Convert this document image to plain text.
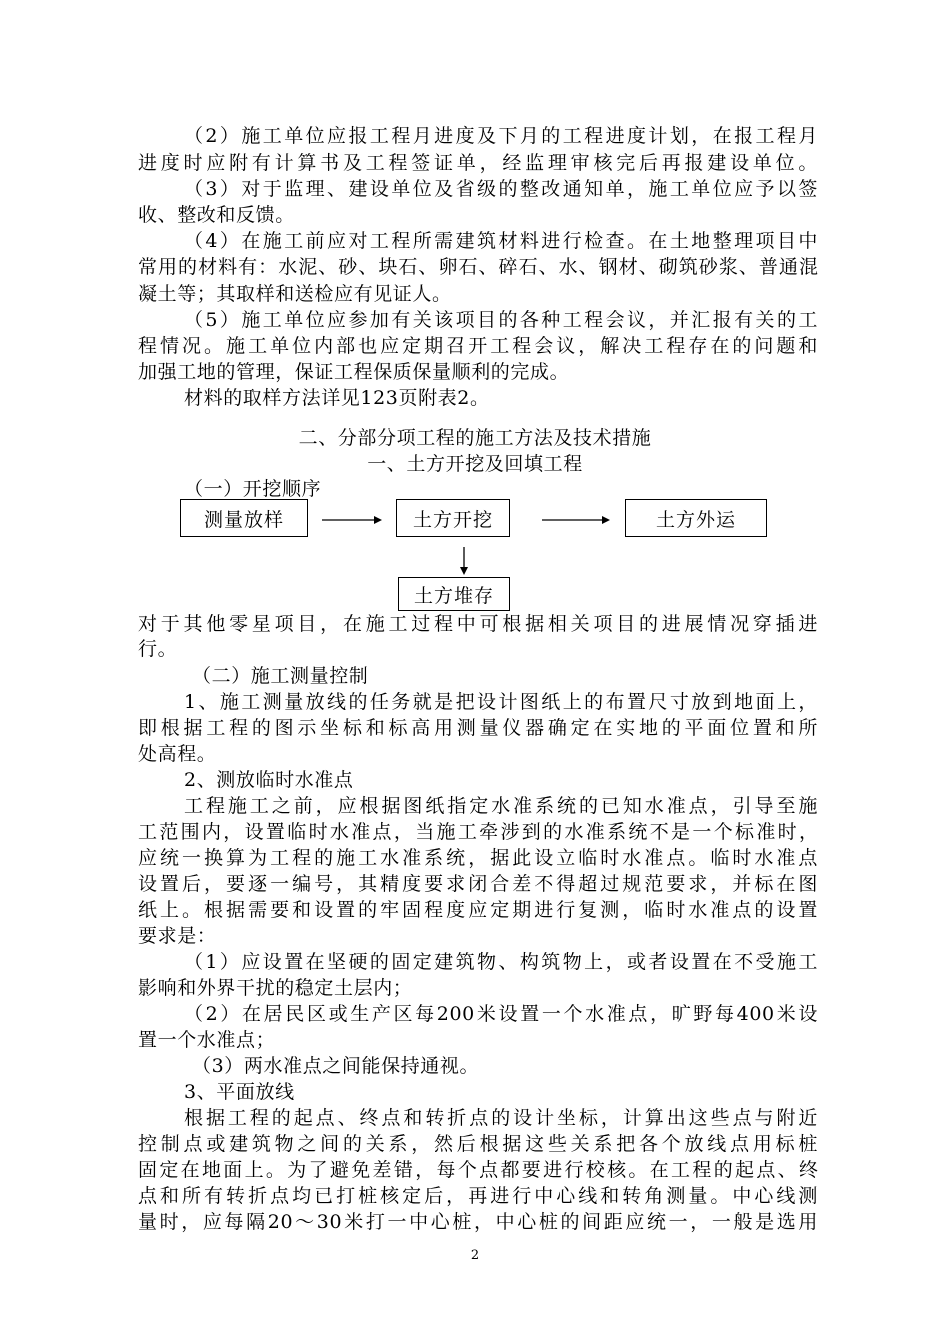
（2）施工单位应报工程月进度及下月的工程进度计划，在报工程月
进度时应附有计算书及工程签证单，经监理审核完后再报建设单位。
（3）对于监理、建设单位及省级的整改通知单，施工单位应予以签
收、整改和反馈。
（4）在施工前应对工程所需建筑材料进行检查。在土地整理项目中
常用的材料有：水泥、砂、块石、卵石、碎石、水、钢材、砌筑砂浆、普通混
凝土等；其取样和送检应有见证人。
（5）施工单位应参加有关该项目的各种工程会议，并汇报有关的工
程情况。施工单位内部也应定期召开工程会议，解决工程存在的问题和
加强工地的管理，保证工程保质保量顺利的完成。
材料的取样方法详见123页附表2。
二、分部分项工程的施工方法及技术措施
一、土方开挖及回填工程
（一）开挖顺序
测量放样	土方开挖	土方外运
土方堆存
对于其他零星项目，在施工过程中可根据相关项目的进展情况穿插进
行。
（二）施工测量控制
1、施工测量放线的任务就是把设计图纸上的布置尺寸放到地面上，
即根据工程的图示坐标和标高用测量仪器确定在实地的平面位置和所
处高程。
2、测放临时水准点
工程施工之前，应根据图纸指定水准系统的已知水准点，引导至施
工范围内，设置临时水准点，当施工牵涉到的水准系统不是一个标准时，
应统一换算为工程的施工水准系统，据此设立临时水准点。临时水准点
设置后，要逐一编号，其精度要求闭合差不得超过规范要求，并标在图
纸上。根据需要和设置的牢固程度应定期进行复测，临时水准点的设置
要求是：
（1）应设置在坚硬的固定建筑物、构筑物上，或者设置在不受施工
影响和外界干扰的稳定土层内；
（2）在居民区或生产区每200米设置一个水准点，旷野每400米设
置一个水准点；
（3）两水准点之间能保持通视。
3、平面放线
根据工程的起点、终点和转折点的设计坐标，计算出这些点与附近
控制点或建筑物之间的关系，然后根据这些关系把各个放线点用标桩
固定在地面上。为了避免差错，每个点都要进行校核。在工程的起点、终
点和所有转折点均已打桩核定后，再进行中心线和转角测量。中心线测
量时，应每隔20～30米打一中心桩，中心桩的间距应统一，一般是选用
2
